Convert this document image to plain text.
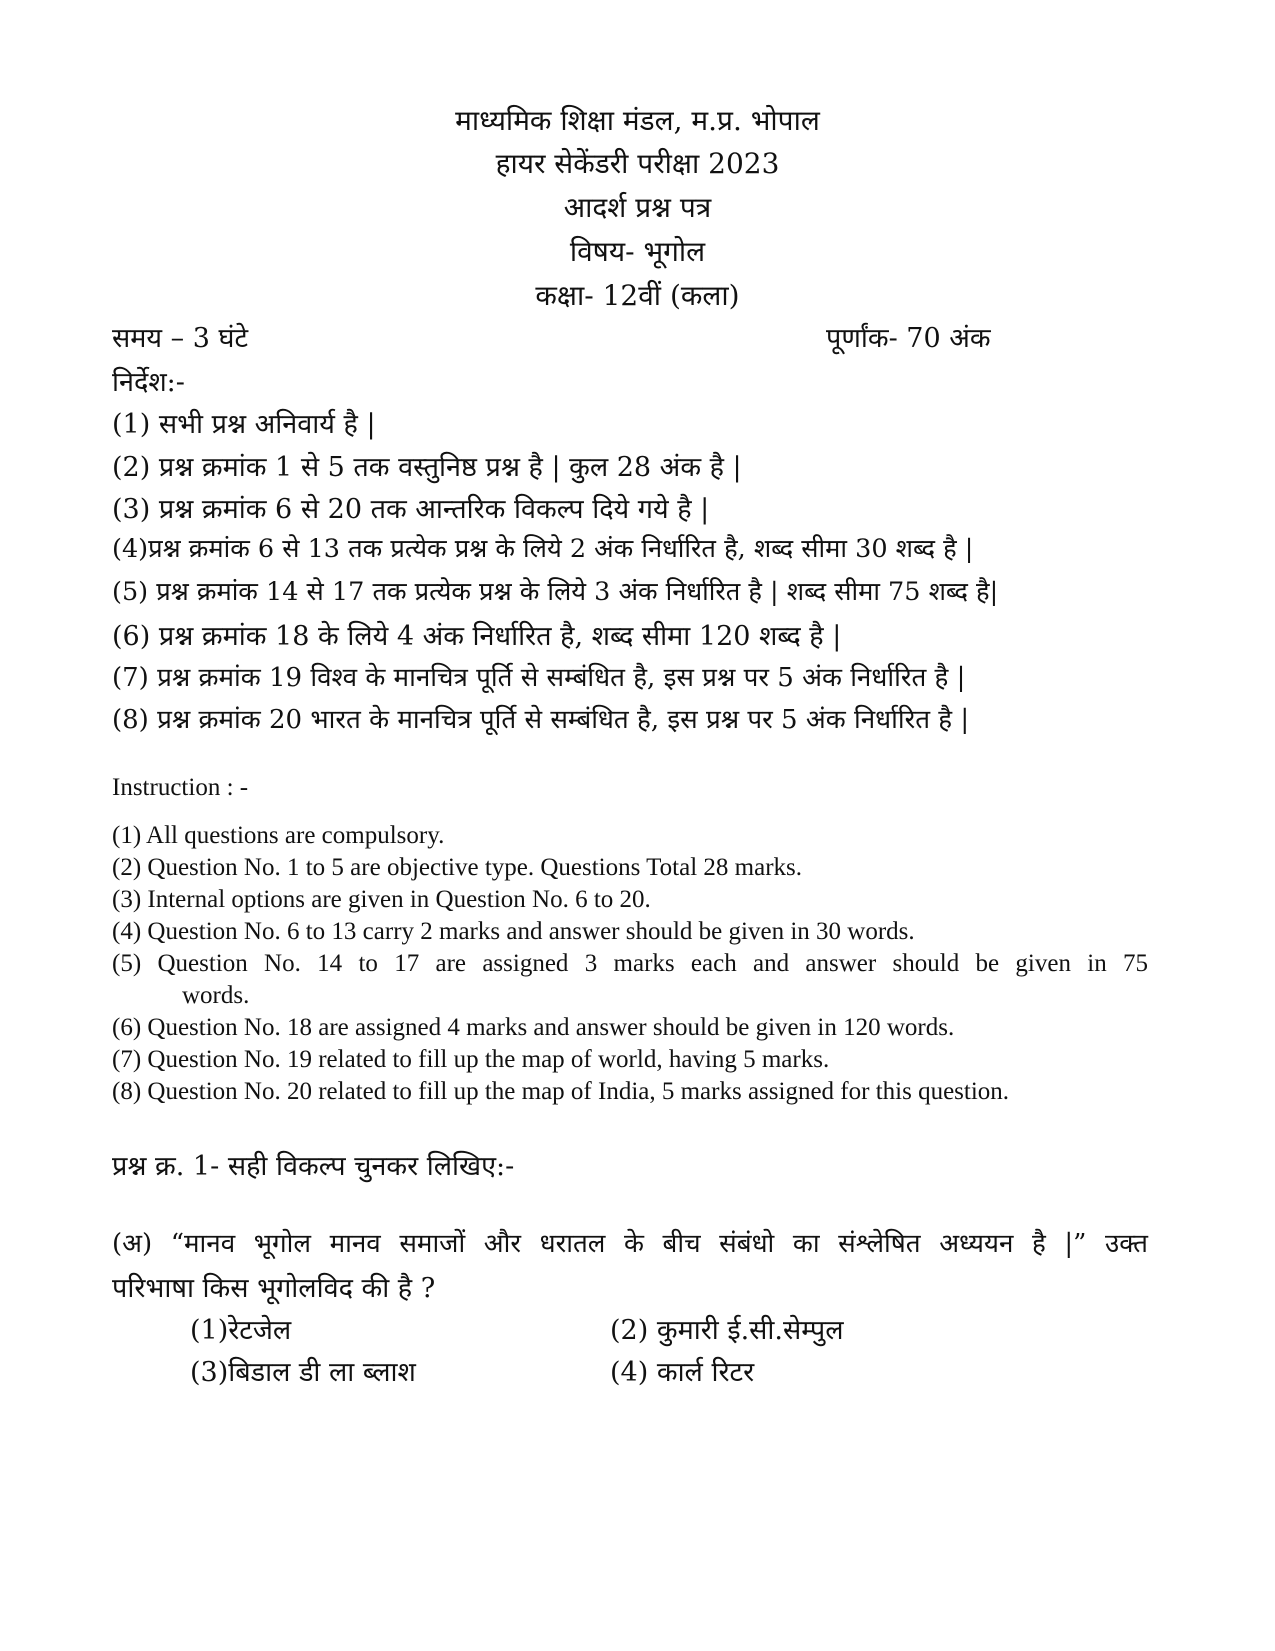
माध्यमिक शिक्षा मंडल, म.प्र. भोपाल
हायर सेकेंडरी परीक्षा 2023
आदर्श प्रश्न पत्र
विषय- भूगोल
कक्षा- 12वीं (कला)
समय – 3 घंटे	पूर्णांक- 70 अंक
निर्देश:-
(1) सभी प्रश्न अनिवार्य है |
(2) प्रश्न क्रमांक 1 से 5 तक वस्तुनिष्ठ प्रश्न है | कुल 28 अंक है |
(3) प्रश्न क्रमांक 6 से 20 तक आन्तरिक विकल्प दिये गये है |
(4)प्रश्न क्रमांक 6 से 13 तक प्रत्येक प्रश्न के लिये 2 अंक निर्धारित है, शब्द सीमा 30 शब्द है |
(5) प्रश्न क्रमांक 14 से 17 तक प्रत्येक प्रश्न के लिये 3 अंक निर्धारित है | शब्द सीमा 75 शब्द है|
(6) प्रश्न क्रमांक 18 के लिये 4 अंक निर्धारित है, शब्द सीमा 120 शब्द है |
(7) प्रश्न क्रमांक 19 विश्व के मानचित्र पूर्ति से सम्बंधित है, इस प्रश्न पर 5 अंक निर्धारित है |
(8) प्रश्न क्रमांक 20 भारत के मानचित्र पूर्ति से सम्बंधित है, इस प्रश्न पर 5 अंक निर्धारित है |
Instruction : -
(1) All questions are compulsory.
(2) Question No. 1 to 5 are objective type. Questions Total 28 marks.
(3) Internal options are given in Question No. 6 to 20.
(4) Question No. 6 to 13 carry 2 marks and answer should be given in 30 words.
(5) Question No. 14 to 17 are assigned 3 marks each and answer should be given in 75
words.
(6) Question No. 18 are assigned 4 marks and answer should be given in 120 words.
(7) Question No. 19 related to fill up the map of world, having 5 marks.
(8) Question No. 20 related to fill up the map of India, 5 marks assigned for this question.
प्रश्न क्र. 1- सही विकल्प चुनकर लिखिए:-
(अ) “मानव भूगोल मानव समाजों और धरातल के बीच संबंधो का संश्लेषित अध्ययन है |” उक्त
परिभाषा किस भूगोलविद की है ?
(1)रेटजेल	(2) कुमारी ई.सी.सेम्पुल
(3)बिडाल डी ला ब्लाश	(4) कार्ल रिटर
